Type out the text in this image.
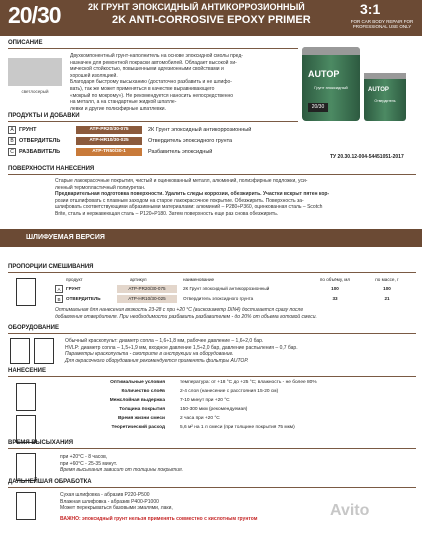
20/30	2К ГРУНТ ЭПОКСИДНЫЙ АНТИКОРРОЗИОННЫЙ
2K ANTI-CORROSIVE EPOXY PRIMER
3:1
FOR CAR BODY REPAIR FOR PROFESSIONAL USE ONLY
ОПИСАНИЕ
светлосерый
Двухкомпонентный грунт-наполнитель на основе эпоксидной смолы пред-
назначен для ремонтной покраски автомобилей. Обладает высокой хи-
мической стойкостью, повышенными адгезионными свойствами и
хорошей изоляцией.
Благодаря быстрому высыханию (достаточно разбавить и не шлифо-
вать), так же может применяться в качестве выравнивающего
«мокрый по мокрому»). Не рекомендуется наносить непосредственно
на металл, а на стандартные жидкой шпатле-
левки и другие полиэфирные шпатлевки.
AUTOP
Грунт эпоксидный
20/30
AUTOP
Отвердитель
ПРОДУКТЫ И ДОБАВКИ
A ГРУНТ	ATP-PR20/30-075	2К Грунт эпоксидный антикоррозионный
B ОТВЕРДИТЕЛЬ	ATP-HR10/30-025	Отвердитель эпоксидного грунта
C РАЗБАВИТЕЛЬ	ATP-TR50/30-1	Разбавитель эпоксидный
ТУ 20.30.12-004-54451051-2017
ПОВЕРХНОСТИ НАНЕСЕНИЯ
Старые лакокрасочные покрытия, чистый и оцинкованный металл, алюминий, полиэфирные подложки, уси-
ленный термопластичный полиуретан.
Предварительная подготовка поверхности. Удалить следы коррозии, обезжирить. Участки вскрыт пятен кор-
розии отшлифовать с плавным заходом на старое лакокрасочное покрытие. Обезжирить. Поверхность за-
шлифовать соответствующими абразивными материалами: алюминий – P280÷P360, оцинкованная сталь – Scotch
Brite, сталь и нержавеющая сталь – P120÷P180. Затем поверхность еще раз снова обезжирить.
ШЛИФУЕМАЯ ВЕРСИЯ
ПРОПОРЦИИ СМЕШИВАНИЯ
продукт	артикул	наименование	по объёму, мл	по массе, г
A	ГРУНТ	ATP-PR20/30-075	2К Грунт эпоксидный антикоррозионный	100	100
B	ОТВЕРДИТЕЛЬ	ATP-HR10/30-025	Отвердитель эпоксидного грунта	33	21
Оптимальная для нанесения вязкость 23-28 с при +20 °С (вискозиметр DIN4) достигается сразу после
добавления отвердителя. При необходимости разбавить разбавителем - до 20% от объема готовой смеси.
ОБОРУДОВАНИЕ
Обычный краскопульт: диаметр сопла – 1,6÷1,8 мм, рабочее давление – 1,6÷2,0 бар.
HVLP: диаметр сопла – 1,5÷1,9 мм, входное давление 1,5÷2,0 бар, давление распыления – 0,7 бар.
Параметры краскопульта - смотрите в инструкции на оборудование.
Для окрасочного оборудования рекомендуется применять фильтры AUTOP.
НАНЕСЕНИЕ
Оптимальные условия	температура: от +18 °С до +25 °С; влажность - не более 80%
Количество слоёв	2-4 слоя (нанесение с расстояния 15-20 см)
Межслойная выдержка	7-10 минут при +20 °С
Толщина покрытия	150-300 мкм (рекомендуемая)
Время жизни смеси	2 часа при +20 °С
Теоретический расход	5,6 м² на 1 л смеси (при толщине покрытия 75 мкм)
ВРЕМЯ ВЫСЫХАНИЯ
при +20°С - 8 часов,
при +60°С - 25-35 минут.
Время высыхания зависит от толщины покрытия.
ДАЛЬНЕЙШАЯ ОБРАБОТКА
Сухая шлифовка - абразив P220-P500
Влажная шлифовка - абразив P400-P1000
Может перекрываться базовыми эмалями, лаки,
ВАЖНО: эпоксидный грунт нельзя применять совместно с кислотным грунтом	Avito
